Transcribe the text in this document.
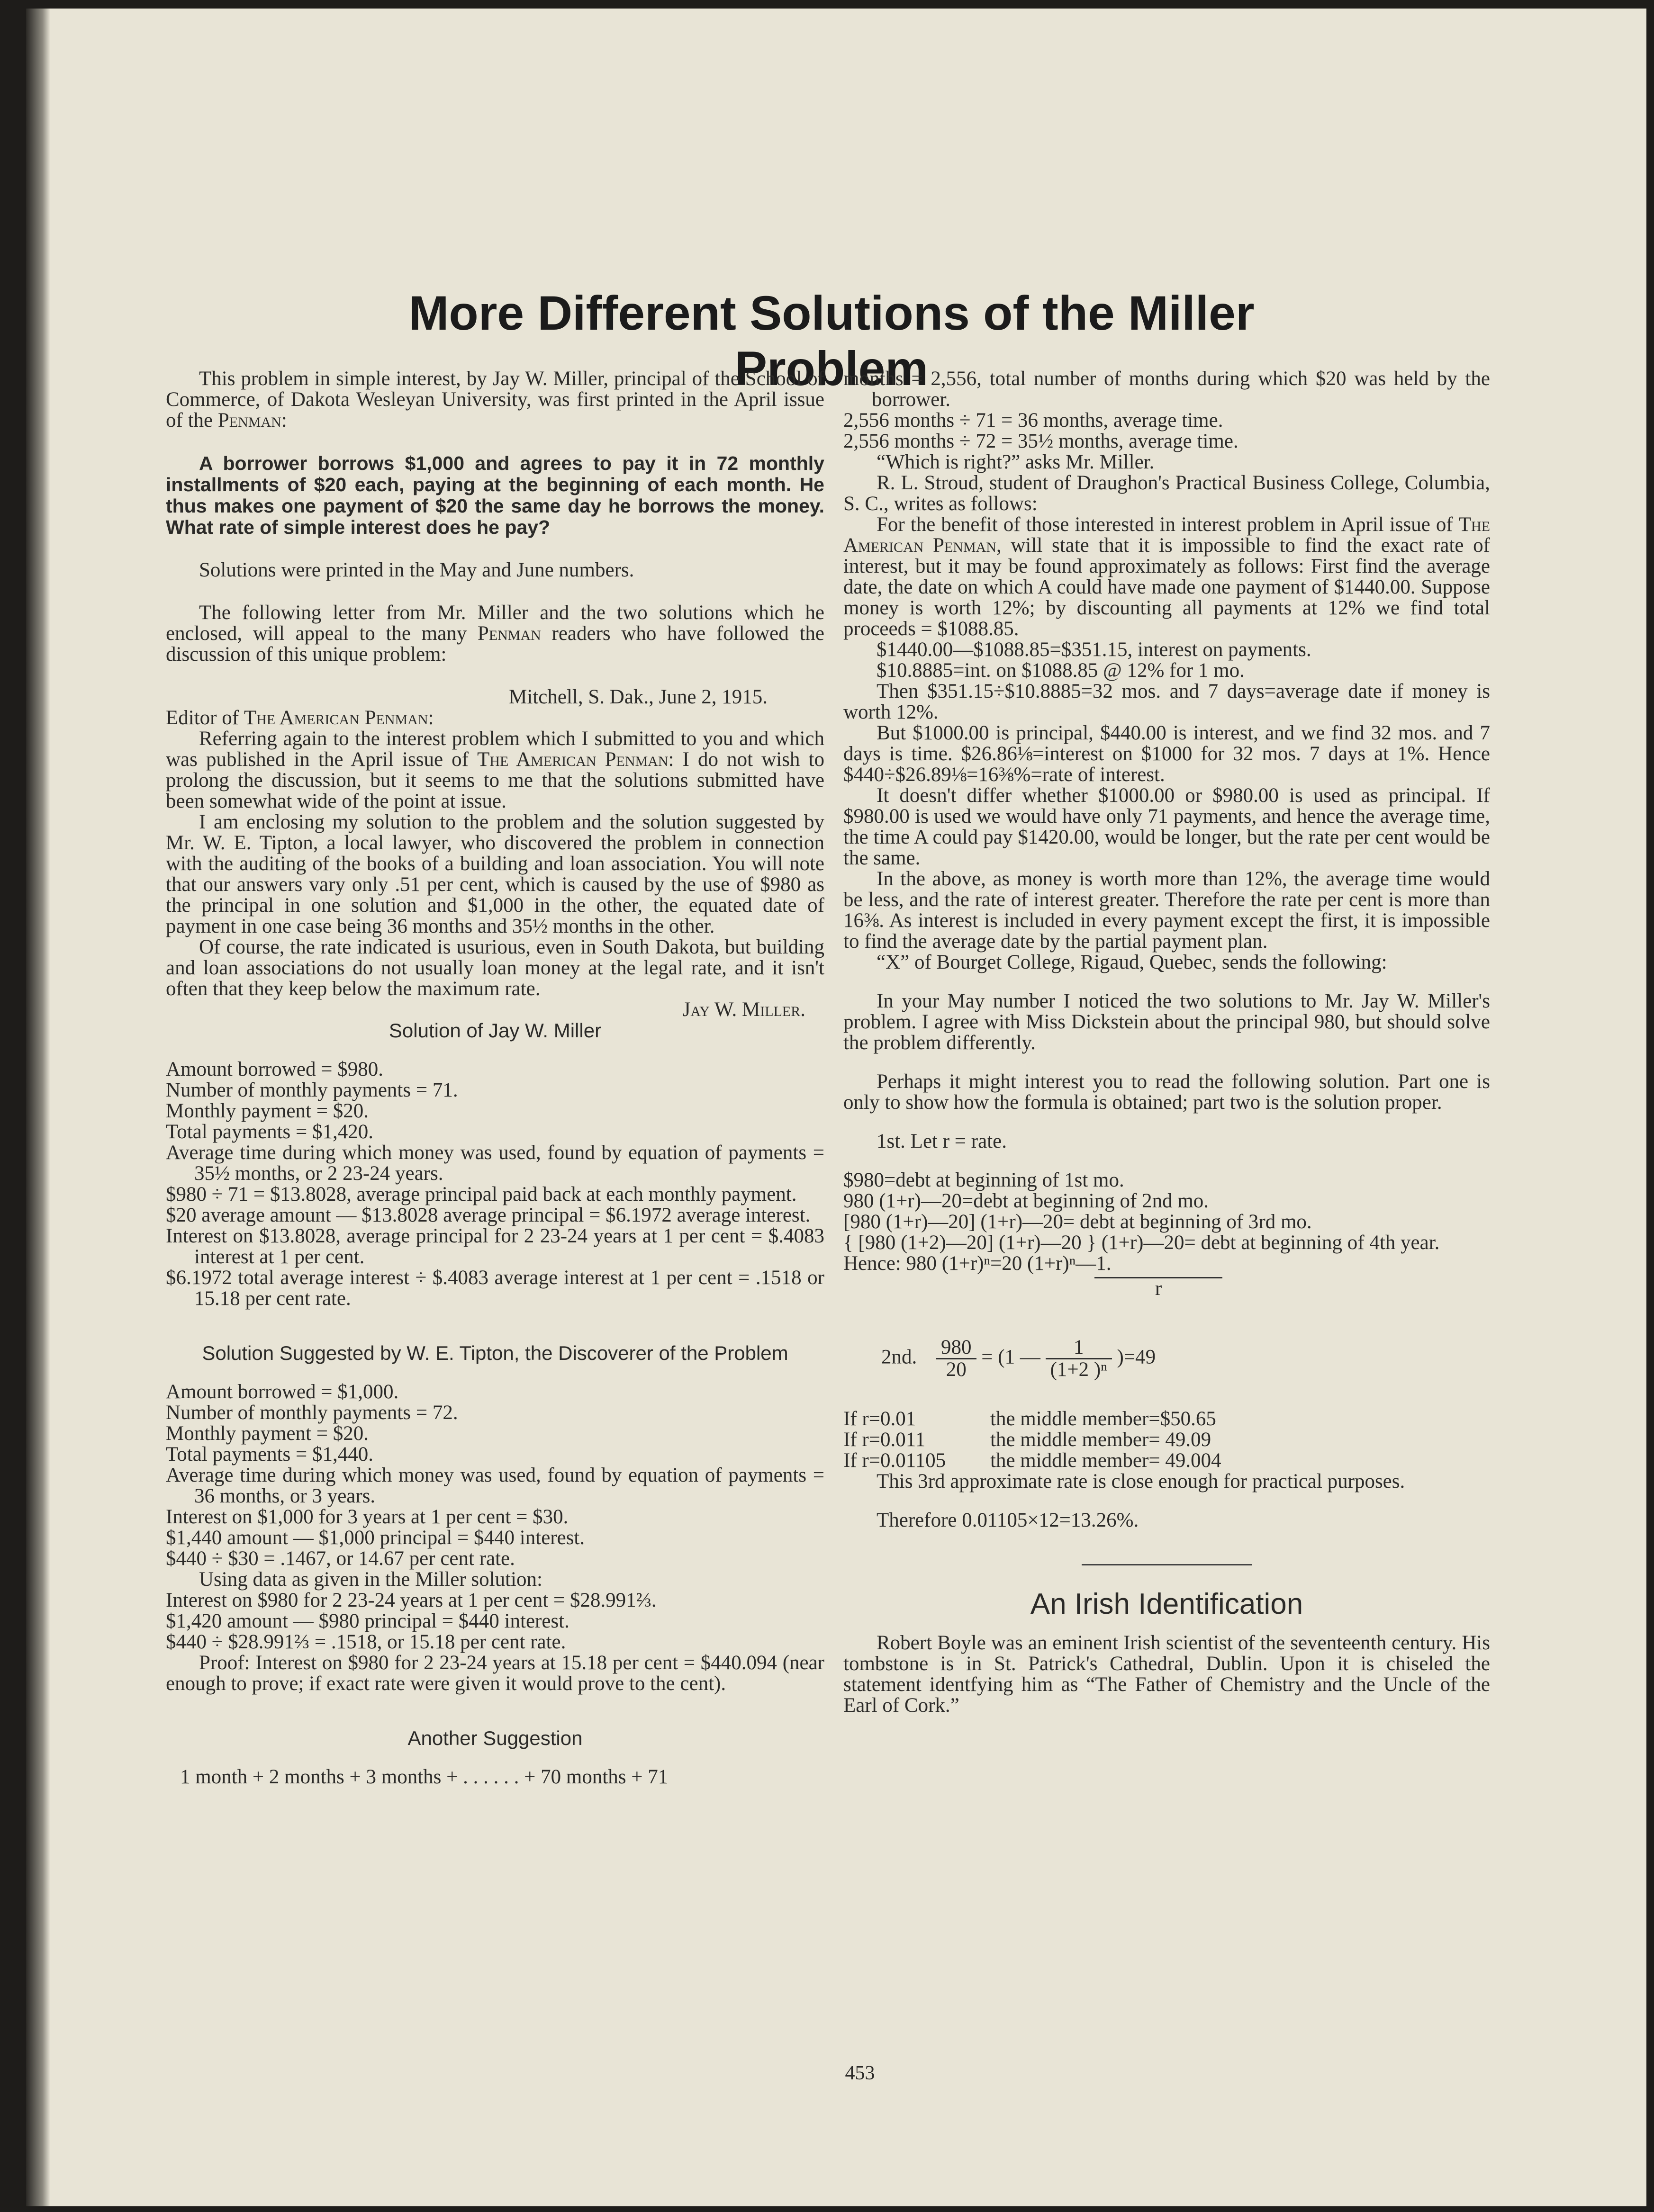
More Different Solutions of the Miller Problem

This problem in simple interest, by Jay W. Miller, principal of the School of Commerce, of Dakota Wesleyan University, was first printed in the April issue of the Penman:

A borrower borrows $1,000 and agrees to pay it in 72 monthly installments of $20 each, paying at the beginning of each month. He thus makes one payment of $20 the same day he borrows the money. What rate of simple interest does he pay?

Solutions were printed in the May and June numbers.

The following letter from Mr. Miller and the two solutions which he enclosed, will appeal to the many Penman readers who have followed the discussion of this unique problem:

Mitchell, S. Dak., June 2, 1915.

Editor of The American Penman:

Referring again to the interest problem which I submitted to you and which was published in the April issue of The American Penman: I do not wish to prolong the discussion, but it seems to me that the solutions submitted have been somewhat wide of the point at issue.

I am enclosing my solution to the problem and the solution suggested by Mr. W. E. Tipton, a local lawyer, who discovered the problem in connection with the auditing of the books of a building and loan association. You will note that our answers vary only .51 per cent, which is caused by the use of $980 as the principal in one solution and $1,000 in the other, the equated date of payment in one case being 36 months and 35½ months in the other.

Of course, the rate indicated is usurious, even in South Dakota, but building and loan associations do not usually loan money at the legal rate, and it isn't often that they keep below the maximum rate.

Jay W. Miller.

Solution of Jay W. Miller

Amount borrowed = $980.

Number of monthly payments = 71.

Monthly payment = $20.

Total payments = $1,420.

Average time during which money was used, found by equation of payments = 35½ months, or 2 23-24 years.

$980 ÷ 71 = $13.8028, average principal paid back at each monthly payment.

$20 average amount — $13.8028 average principal = $6.1972 average interest.

Interest on $13.8028, average principal for 2 23-24 years at 1 per cent = $.4083 interest at 1 per cent.

$6.1972 total average interest ÷ $.4083 average interest at 1 per cent = .1518 or 15.18 per cent rate.

Solution Suggested by W. E. Tipton, the Discoverer of the Problem

Amount borrowed = $1,000.

Number of monthly payments = 72.

Monthly payment = $20.

Total payments = $1,440.

Average time during which money was used, found by equation of payments = 36 months, or 3 years.

Interest on $1,000 for 3 years at 1 per cent = $30.

$1,440 amount — $1,000 principal = $440 interest.

$440 ÷ $30 = .1467, or 14.67 per cent rate.

Using data as given in the Miller solution:

Interest on $980 for 2 23-24 years at 1 per cent = $28.991⅔.

$1,420 amount — $980 principal = $440 interest.

$440 ÷ $28.991⅔ = .1518, or 15.18 per cent rate.

Proof: Interest on $980 for 2 23-24 years at 15.18 per cent = $440.094 (near enough to prove; if exact rate were given it would prove to the cent).

Another Suggestion

1 month + 2 months + 3 months + . . . . . . + 70 months + 71

months = 2,556, total number of months during which $20 was held by the borrower.

2,556 months ÷ 71 = 36 months, average time.

2,556 months ÷ 72 = 35½ months, average time.

“Which is right?” asks Mr. Miller.

R. L. Stroud, student of Draughon's Practical Business College, Columbia, S. C., writes as follows:

For the benefit of those interested in interest problem in April issue of The American Penman, will state that it is impossible to find the exact rate of interest, but it may be found approximately as follows: First find the average date, the date on which A could have made one payment of $1440.00. Suppose money is worth 12%; by discounting all payments at 12% we find total proceeds = $1088.85.

$1440.00—$1088.85=$351.15, interest on payments.

$10.8885=int. on $1088.85 @ 12% for 1 mo.

Then $351.15÷$10.8885=32 mos. and 7 days=average date if money is worth 12%.

But $1000.00 is principal, $440.00 is interest, and we find 32 mos. and 7 days is time. $26.86⅛=interest on $1000 for 32 mos. 7 days at 1%. Hence $440÷$26.89⅛=16⅜%=rate of interest.

It doesn't differ whether $1000.00 or $980.00 is used as principal. If $980.00 is used we would have only 71 payments, and hence the average time, the time A could pay $1420.00, would be longer, but the rate per cent would be the same.

In the above, as money is worth more than 12%, the average time would be less, and the rate of interest greater. Therefore the rate per cent is more than 16⅜. As interest is included in every payment except the first, it is impossible to find the average date by the partial payment plan.

“X” of Bourget College, Rigaud, Quebec, sends the following:

In your May number I noticed the two solutions to Mr. Jay W. Miller's problem. I agree with Miss Dickstein about the principal 980, but should solve the problem differently.

Perhaps it might interest you to read the following solution. Part one is only to show how the formula is obtained; part two is the solution proper.

1st. Let r = rate.

$980=debt at beginning of 1st mo.

980 (1+r)—20=debt at beginning of 2nd mo.

[980 (1+r)—20] (1+r)—20= debt at beginning of 3rd mo.

{ [980 (1+2)—20] (1+r)—20 } (1+r)—20= debt at beginning of 4th year.

Hence: 980 (1+r)ⁿ=20 (1+r)ⁿ—1.

r
2nd. $\frac{980}{20} = (1$ — $\frac{1}{\text{(1+2 )ⁿ}} )=49$
If r=0.01	the middle member=$50.65
If r=0.011	the middle member= 49.09
If r=0.01105 the middle member= 49.004

This 3rd approximate rate is close enough for practical purposes.

Therefore 0.01105×12=13.26%.

An Irish Identification

Robert Boyle was an eminent Irish scientist of the seventeenth century. His tombstone is in St. Patrick's Cathedral, Dublin. Upon it is chiseled the statement identfying him as “The Father of Chemistry and the Uncle of the Earl of Cork.”

453
